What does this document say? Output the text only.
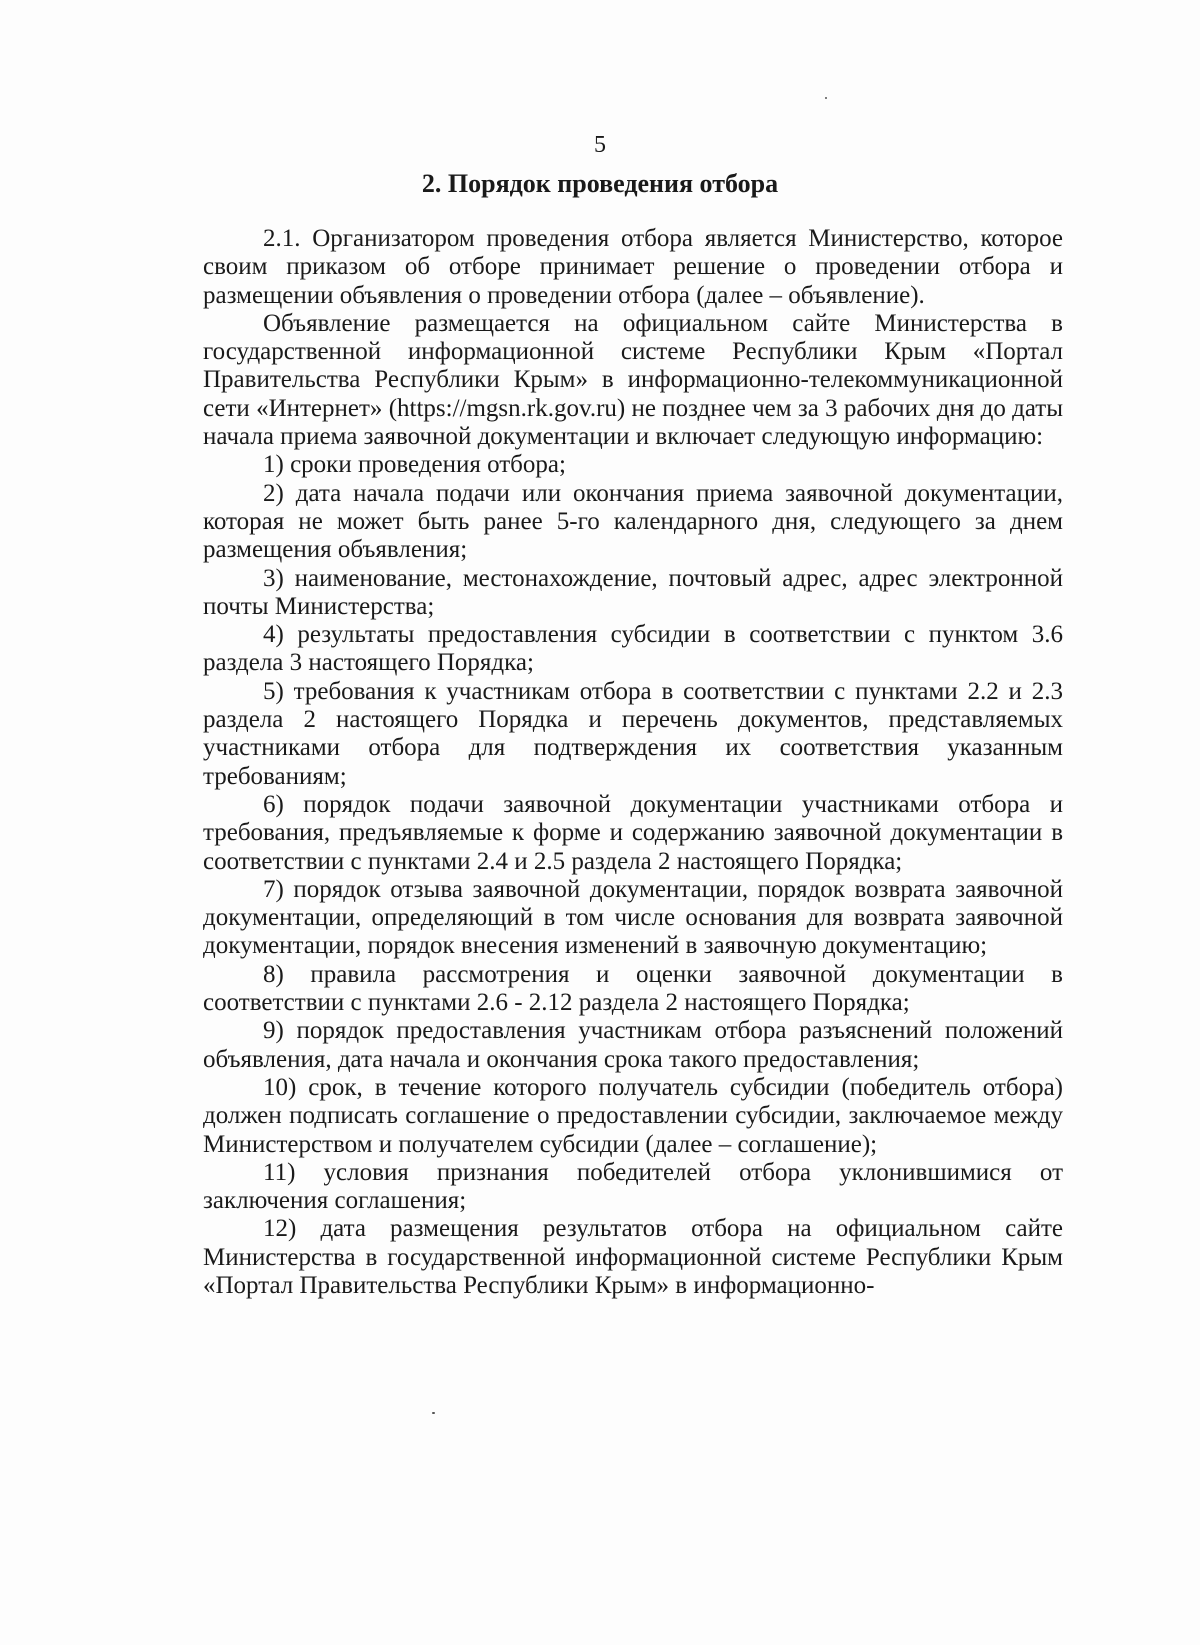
5
2. Порядок проведения отбора

2.1. Организатором проведения отбора является Министерство, которое своим приказом об отборе принимает решение о проведении отбора и размещении объявления о проведении отбора (далее – объявление).

Объявление размещается на официальном сайте Министерства в государственной информационной системе Республики Крым «Портал Правительства Республики Крым» в информационно-телекоммуникационной сети «Интернет» (https://mgsn.rk.gov.ru) не позднее чем за 3 рабочих дня до даты начала приема заявочной документации и включает следующую информацию:

1) сроки проведения отбора;

2) дата начала подачи или окончания приема заявочной документации, которая не может быть ранее 5-го календарного дня, следующего за днем размещения объявления;

3) наименование, местонахождение, почтовый адрес, адрес электронной почты Министерства;

4) результаты предоставления субсидии в соответствии с пунктом 3.6 раздела 3 настоящего Порядка;

5) требования к участникам отбора в соответствии с пунктами 2.2 и 2.3 раздела 2 настоящего Порядка и перечень документов, представляемых участниками отбора для подтверждения их соответствия указанным требованиям;

6) порядок подачи заявочной документации участниками отбора и требования, предъявляемые к форме и содержанию заявочной документации в соответствии с пунктами 2.4 и 2.5 раздела 2 настоящего Порядка;

7) порядок отзыва заявочной документации, порядок возврата заявочной документации, определяющий в том числе основания для возврата заявочной документации, порядок внесения изменений в заявочную документацию;

8) правила рассмотрения и оценки заявочной документации в соответствии с пунктами 2.6 - 2.12 раздела 2 настоящего Порядка;

9) порядок предоставления участникам отбора разъяснений положений объявления, дата начала и окончания срока такого предоставления;

10) срок, в течение которого получатель субсидии (победитель отбора) должен подписать соглашение о предоставлении субсидии, заключаемое между Министерством и получателем субсидии (далее – соглашение);

11) условия признания победителей отбора уклонившимися от заключения соглашения;

12) дата размещения результатов отбора на официальном сайте Министерства в государственной информационной системе Республики Крым «Портал Правительства Республики Крым» в информационно-
